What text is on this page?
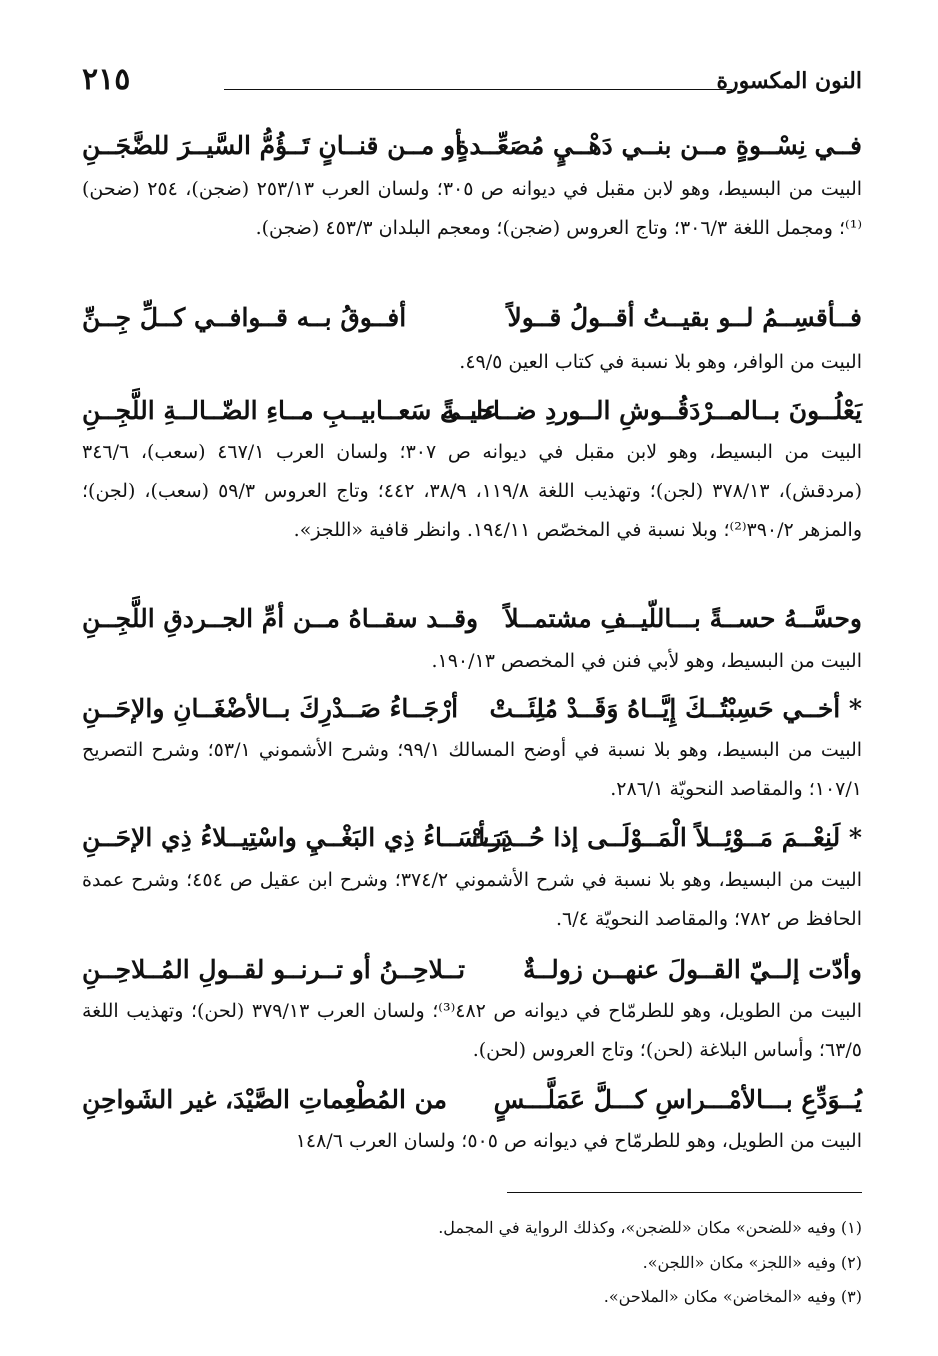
النون المكسورة
٢١٥
فــي نِسْــوةٍ مــن بنــي دَهْــيٍ مُصَعِّــدةٍ
أو مــن قنــانٍ تَــؤُمُّ السَّيــرَ للضَّجَــنِ
البيت من البسيط، وهو لابن مقبل في ديوانه ص ٣٠٥؛ ولسان العرب ٢٥٣/١٣ (ضجن)، ٢٥٤ (ضحن)⁽¹⁾؛ ومجمل اللغة ٣٠٦/٣؛ وتاج العروس (ضجن)؛ ومعجم البلدان ٤٥٣/٣ (ضجن).
فــأقسِــمُ لــو بقيــتُ أقــولُ قــولاً
أفــوقُ بــه قــوافــي كــلِّ جِــنِّ
البيت من الوافر، وهو بلا نسبة في كتاب العين ٤٩/٥.
يَعْلُــونَ بــالمــرْدَقُــوشِ الــوردِ ضــاحيــةً
علــى سَعــابيــبِ مــاءِ الضّــالــةِ اللَّجِــنِ
البيت من البسيط، وهو لابن مقبل في ديوانه ص ٣٠٧؛ ولسان العرب ٤٦٧/١ (سعب)، ٣٤٦/٦ (مردقش)، ٣٧٨/١٣ (لجن)؛ وتهذيب اللغة ١١٩/٨، ٣٨/٩، ٤٤٢؛ وتاج العروس ٥٩/٣ (سعب)، (لجن)؛ والمزهر ٣٩٠/٢⁽²⁾؛ وبلا نسبة في المخصّص ١٩٤/١١. وانظر قافية «اللجز».
وحسَّــهُ حســةً بـــاللّيــفِ مشتمــلاً
وقــد سقــاهُ مــن أمِّ الجــردقِ اللَّجِــنِ
البيت من البسيط، وهو لأبي فنن في المخصص ١٩٠/١٣.
* أخــي حَسِبْتُــكَ إِيَّــاهُ وَقَــدْ مُلِئَــتْ
أرْجَــاءُ صَــدْرِكَ بــالأضْغَــانِ والإحَــنِ
البيت من البسيط، وهو بلا نسبة في أوضح المسالك ٩٩/١؛ وشرح الأشموني ٥٣/١؛ وشرح التصريح ١٠٧/١؛ والمقاصد النحويّة ٢٨٦/١.
* لَنِعْــمَ مَــوْئِــلاً الْمَــوْلَــى إذا حُــذِرَتْ
بَــأسَــاءُ ذِي البَغْــيِ واسْتِيــلاءُ ذِي الإحَــنِ
البيت من البسيط، وهو بلا نسبة في شرح الأشموني ٣٧٤/٢؛ وشرح ابن عقيل ص ٤٥٤؛ وشرح عمدة الحافظ ص ٧٨٢؛ والمقاصد النحويّة ٦/٤.
وأدّت إلــيّ القــولَ عنهــن زولــةٌ
تــلاحِــنُ أو تــرنــو لقــولِ المُــلاحِــنِ
البيت من الطويل، وهو للطرمّاح في ديوانه ص ٤٨٢⁽³⁾؛ ولسان العرب ٣٧٩/١٣ (لحن)؛ وتهذيب اللغة ٦٣/٥؛ وأساس البلاغة (لحن)؛ وتاج العروس (لحن).
يُــوَدِّعِ بـــالأمْـــراسِ كـــلَّ عَمَلَّـــسٍ
من المُطْعِماتِ الصَّيْدَ، غير الشَواحِنِ
البيت من الطويل، وهو للطرمّاح في ديوانه ص ٥٠٥؛ ولسان العرب ١٤٨/٦
(١) وفيه «للضحن» مكان «للضجن»، وكذلك الرواية في المجمل.
(٢) وفيه «اللجز» مكان «اللجن».
(٣) وفيه «المخاضن» مكان «الملاحن».
